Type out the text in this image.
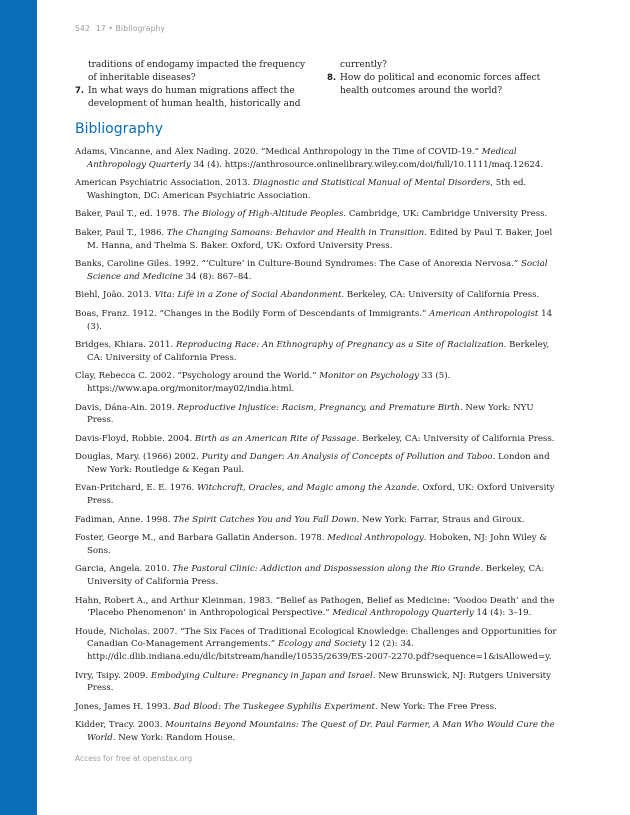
542 17 • Bibliography
traditions of endogamy impacted the frequency of inheritable diseases?
7. In what ways do human migrations affect the development of human health, historically and
currently?
8. How do political and economic forces affect health outcomes around the world?
Bibliography

Adams, Vincanne, and Alex Nading. 2020. “Medical Anthropology in the Time of COVID-19.” Medical Anthropology Quarterly 34 (4). https://anthrosource.onlinelibrary.wiley.com/doi/full/10.1111/maq.12624.

American Psychiatric Association. 2013. Diagnostic and Statistical Manual of Mental Disorders, 5th ed. Washington, DC: American Psychiatric Association.

Baker, Paul T., ed. 1978. The Biology of High-Altitude Peoples. Cambridge, UK: Cambridge University Press.

Baker, Paul T., 1986. The Changing Samoans: Behavior and Health in Transition. Edited by Paul T. Baker, Joel M. Hanna, and Thelma S. Baker. Oxford, UK: Oxford University Press.

Banks, Caroline Giles. 1992. “‘Culture’ in Culture-Bound Syndromes: The Case of Anorexia Nervosa.” Social Science and Medicine 34 (8): 867–84.

Biehl, João. 2013. Vita: Life in a Zone of Social Abandonment. Berkeley, CA: University of California Press.

Boas, Franz. 1912. “Changes in the Bodily Form of Descendants of Immigrants.” American Anthropologist 14 (3).

Bridges, Khiara. 2011. Reproducing Race: An Ethnography of Pregnancy as a Site of Racialization. Berkeley, CA: University of California Press.

Clay, Rebecca C. 2002. “Psychology around the World.” Monitor on Psychology 33 (5). https://www.apa.org/monitor/may02/india.html.

Davis, Dána-Ain. 2019. Reproductive Injustice: Racism, Pregnancy, and Premature Birth. New York: NYU Press.

Davis-Floyd, Robbie. 2004. Birth as an American Rite of Passage. Berkeley, CA: University of California Press.

Douglas, Mary. (1966) 2002. Purity and Danger: An Analysis of Concepts of Pollution and Taboo. London and New York: Routledge & Kegan Paul.

Evan-Pritchard, E. E. 1976. Witchcraft, Oracles, and Magic among the Azande. Oxford, UK: Oxford University Press.

Fadiman, Anne. 1998. The Spirit Catches You and You Fall Down. New York: Farrar, Straus and Giroux.

Foster, George M., and Barbara Gallatin Anderson. 1978. Medical Anthropology. Hoboken, NJ: John Wiley & Sons.

Garcia, Angela. 2010. The Pastoral Clinic: Addiction and Dispossession along the Rio Grande. Berkeley, CA: University of California Press.

Hahn, Robert A., and Arthur Kleinman. 1983. “Belief as Pathogen, Belief as Medicine: ‘Voodoo Death’ and the ‘Placebo Phenomenon’ in Anthropological Perspective.” Medical Anthropology Quarterly 14 (4): 3–19.

Houde, Nicholas. 2007. “The Six Faces of Traditional Ecological Knowledge: Challenges and Opportunities for Canadian Co-Management Arrangements.” Ecology and Society 12 (2): 34. http://dlc.dlib.indiana.edu/dlc/bitstream/handle/10535/2639/ES-2007-2270.pdf?sequence=1&isAllowed=y.

Ivry, Tsipy. 2009. Embodying Culture: Pregnancy in Japan and Israel. New Brunswick, NJ: Rutgers University Press.

Jones, James H. 1993. Bad Blood: The Tuskegee Syphilis Experiment. New York: The Free Press.

Kidder, Tracy. 2003. Mountains Beyond Mountains: The Quest of Dr. Paul Farmer, A Man Who Would Cure the World. New York: Random House.

Access for free at openstax.org
